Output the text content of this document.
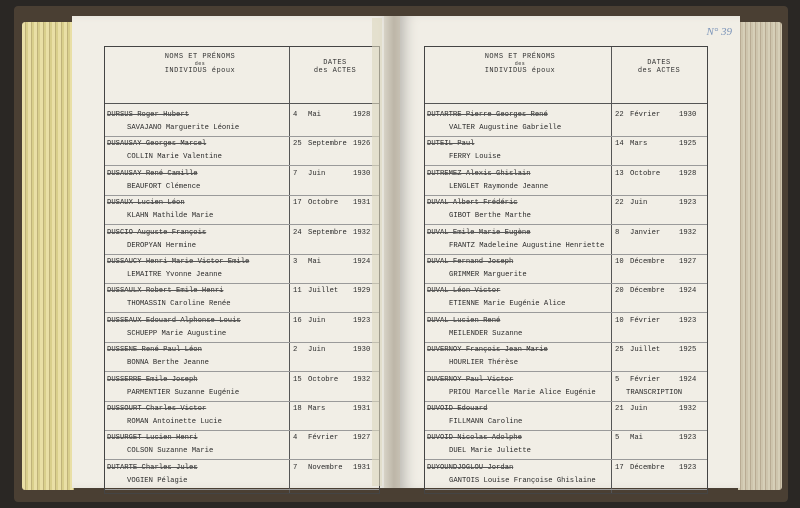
NOMS ET PRÉNOMS
des
INDIVIDUS époux
DATES
des ACTES
DURSUS Roger Hubert
SAVAJANO Marguerite Léonie
4 Mai	1928
DUSAUSAY Georges Marcel
COLLIN Marie Valentine
25 Septembre 1926
DUSAUSAY René Camille
BEAUFORT Clémence
7 Juin	1930
DUSAUX Lucien Léon
KLAHN Mathilde Marie
17 Octobre 1931
DUSCIO Auguste François
DEROPYAN Hermine
24 Septembre 1932
DUSSAUCY Henri Marie Victor Emile
LEMAITRE Yvonne Jeanne
3 Mai	1924
DUSSAULX Robert Emile Henri
THOMASSIN Caroline Renée
11 Juillet 1929
DUSSEAUX Edouard Alphonse Louis
SCHUEPP Marie Augustine
16 Juin	1923
DUSSENE René Paul Léon
BONNA Berthe Jeanne
2 Juin	1930
DUSSERRE Emile Joseph
PARMENTIER Suzanne Eugénie
15 Octobre 1932
DUSSOURT Charles Victor
ROMAN Antoinette Lucie
18 Mars	1931
DUSURGET Lucien Henri
COLSON Suzanne Marie
4 Février 1927
DUTARTE Charles Jules
VOGIEN Pélagie
7 Novembre 1931
N° 39
NOMS ET PRÉNOMS
des
INDIVIDUS époux
DATES
des ACTES
DUTARTRE Pierre Georges René
VALTER Augustine Gabrielle
22 Février	1930
DUTEIL Paul
FERRY Louise
14 Mars	1925
DUTREMEZ Alexis Ghislain
LENGLET Raymonde Jeanne
13 Octobre	1928
DUVAL Albert Frédéric
GIBOT Berthe Marthe
22 Juin	1923
DUVAL Emile Marie Eugène
FRANTZ Madeleine Augustine Henriette
8 Janvier	1932
DUVAL Fernand Joseph
GRIMMER Marguerite
10 Décembre 1927
DUVAL Léon Victor
ETIENNE Marie Eugénie Alice
20 Décembre 1924
DUVAL Lucien René
MEILENDER Suzanne
10 Février	1923
DUVERNOY François Jean Marie
HOURLIER Thérèse
25 Juillet	1925
DUVERNOY Paul Victor
PRIOU Marcelle Marie Alice Eugénie
5 Février	1924
TRANSCRIPTION
DUVOID Edouard
FILLMANN Caroline
21 Juin	1932
DUVOID Nicolas Adolphe
DUEL Marie Juliette
5 Mai	1923
DUYOUNDJOGLOU Jordan
GANTOIS Louise Françoise Ghislaine
17 Décembre 1923
